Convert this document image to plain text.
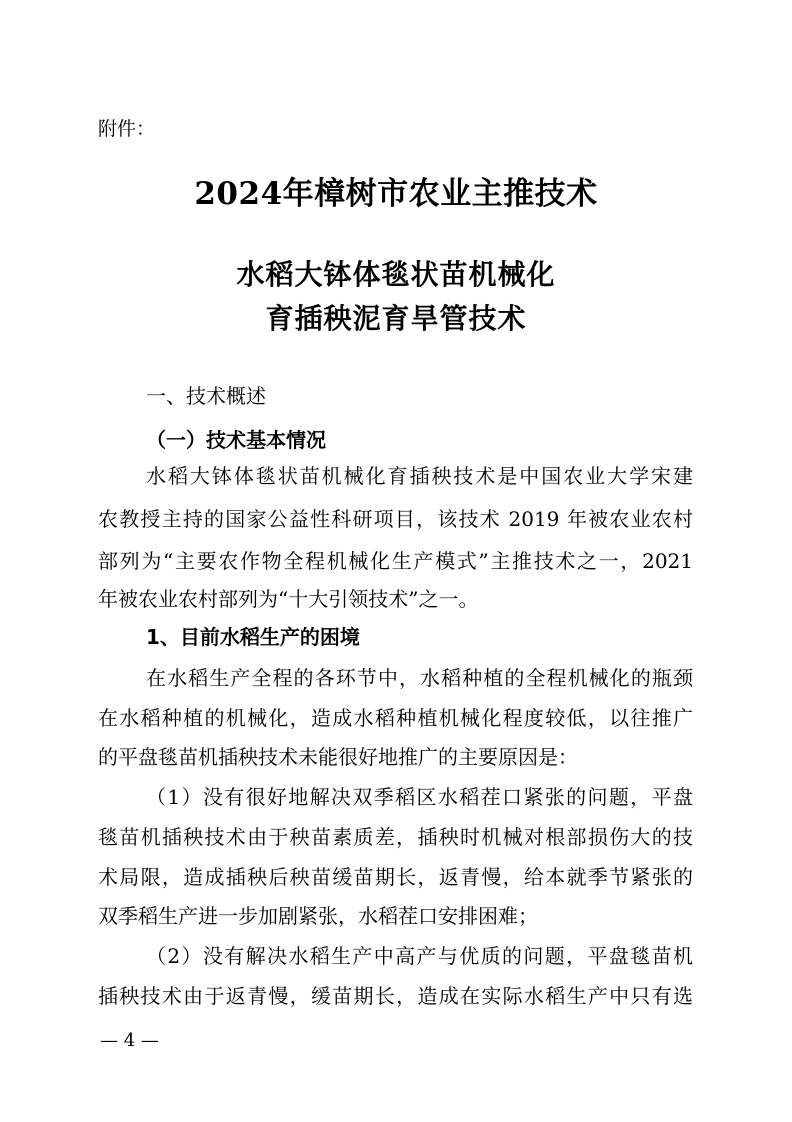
附件：
2024年樟树市农业主推技术
水稻大钵体毯状苗机械化
育插秧泥育旱管技术
一、技术概述
（一）技术基本情况
水稻大钵体毯状苗机械化育插秧技术是中国农业大学宋建
农教授主持的国家公益性科研项目，该技术 2019 年被农业农村
部列为“主要农作物全程机械化生产模式”主推技术之一，2021
年被农业农村部列为“十大引领技术”之一。
1、目前水稻生产的困境
在水稻生产全程的各环节中，水稻种植的全程机械化的瓶颈
在水稻种植的机械化，造成水稻种植机械化程度较低，以往推广
的平盘毯苗机插秧技术未能很好地推广的主要原因是：
（1）没有很好地解决双季稻区水稻茬口紧张的问题，平盘
毯苗机插秧技术由于秧苗素质差，插秧时机械对根部损伤大的技
术局限，造成插秧后秧苗缓苗期长，返青慢，给本就季节紧张的
双季稻生产进一步加剧紧张，水稻茬口安排困难；
（2）没有解决水稻生产中高产与优质的问题，平盘毯苗机
插秧技术由于返青慢，缓苗期长，造成在实际水稻生产中只有选
— 4 —
